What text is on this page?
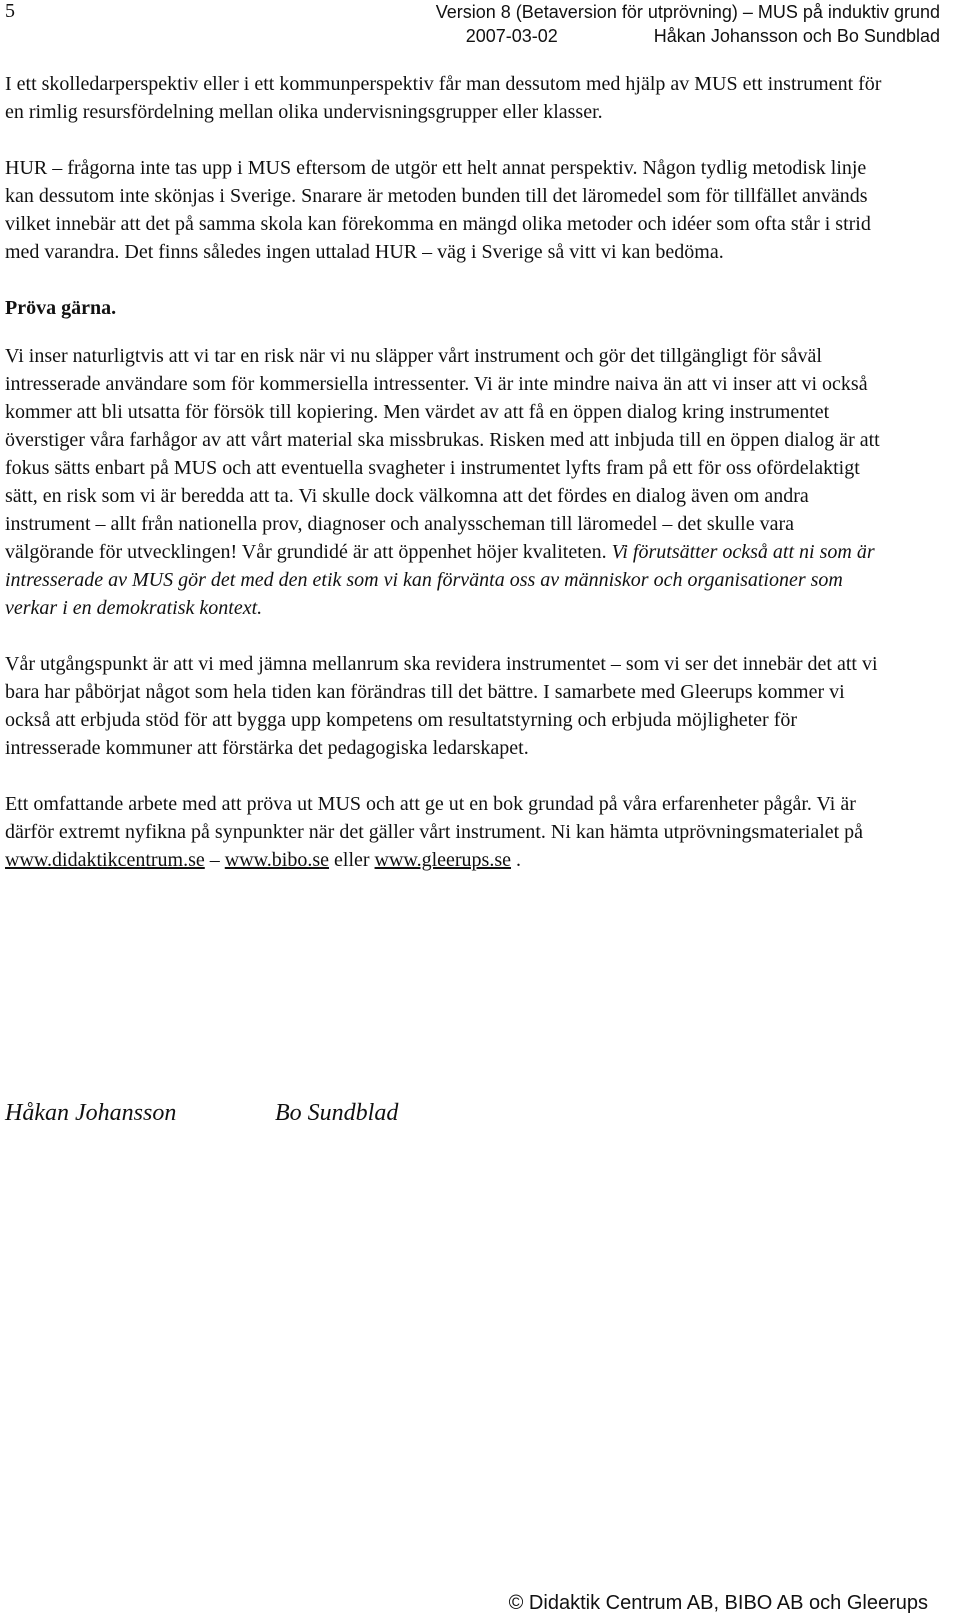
5	Version 8 (Betaversion för utprövning) – MUS på induktiv grund
2007-03-02	Håkan Johansson och Bo Sundblad

I ett skolledarperspektiv eller i ett kommunperspektiv får man dessutom med hjälp av MUS ett instrument för en rimlig resursfördelning mellan olika undervisningsgrupper eller klasser.

HUR – frågorna inte tas upp i MUS eftersom de utgör ett helt annat perspektiv. Någon tydlig metodisk linje kan dessutom inte skönjas i Sverige. Snarare är metoden bunden till det läromedel som för tillfället används vilket innebär att det på samma skola kan förekomma en mängd olika metoder och idéer som ofta står i strid med varandra. Det finns således ingen uttalad HUR – väg i Sverige så vitt vi kan bedöma.

Pröva gärna.

Vi inser naturligtvis att vi tar en risk när vi nu släpper vårt instrument och gör det tillgängligt för såväl intresserade användare som för kommersiella intressenter. Vi är inte mindre naiva än att vi inser att vi också kommer att bli utsatta för försök till kopiering. Men värdet av att få en öppen dialog kring instrumentet överstiger våra farhågor av att vårt material ska missbrukas. Risken med att inbjuda till en öppen dialog är att fokus sätts enbart på MUS och att eventuella svagheter i instrumentet lyfts fram på ett för oss ofördelaktigt sätt, en risk som vi är beredda att ta. Vi skulle dock välkomna att det fördes en dialog även om andra instrument – allt från nationella prov, diagnoser och analysscheman till läromedel – det skulle vara välgörande för utvecklingen! Vår grundidé är att öppenhet höjer kvaliteten. Vi förutsätter också att ni som är intresserade av MUS gör det med den etik som vi kan förvänta oss av människor och organisationer som verkar i en demokratisk kontext.

Vår utgångspunkt är att vi med jämna mellanrum ska revidera instrumentet – som vi ser det innebär det att vi bara har påbörjat något som hela tiden kan förändras till det bättre. I samarbete med Gleerups kommer vi också att erbjuda stöd för att bygga upp kompetens om resultatstyrning och erbjuda möjligheter för intresserade kommuner att förstärka det pedagogiska ledarskapet.

Ett omfattande arbete med att pröva ut MUS och att ge ut en bok grundad på våra erfarenheter pågår. Vi är därför extremt nyfikna på synpunkter när det gäller vårt instrument. Ni kan hämta utprövningsmaterialet på www.didaktikcentrum.se – www.bibo.se eller www.gleerups.se .

Håkan Johansson	Bo Sundblad
© Didaktik Centrum AB, BIBO AB och Gleerups
